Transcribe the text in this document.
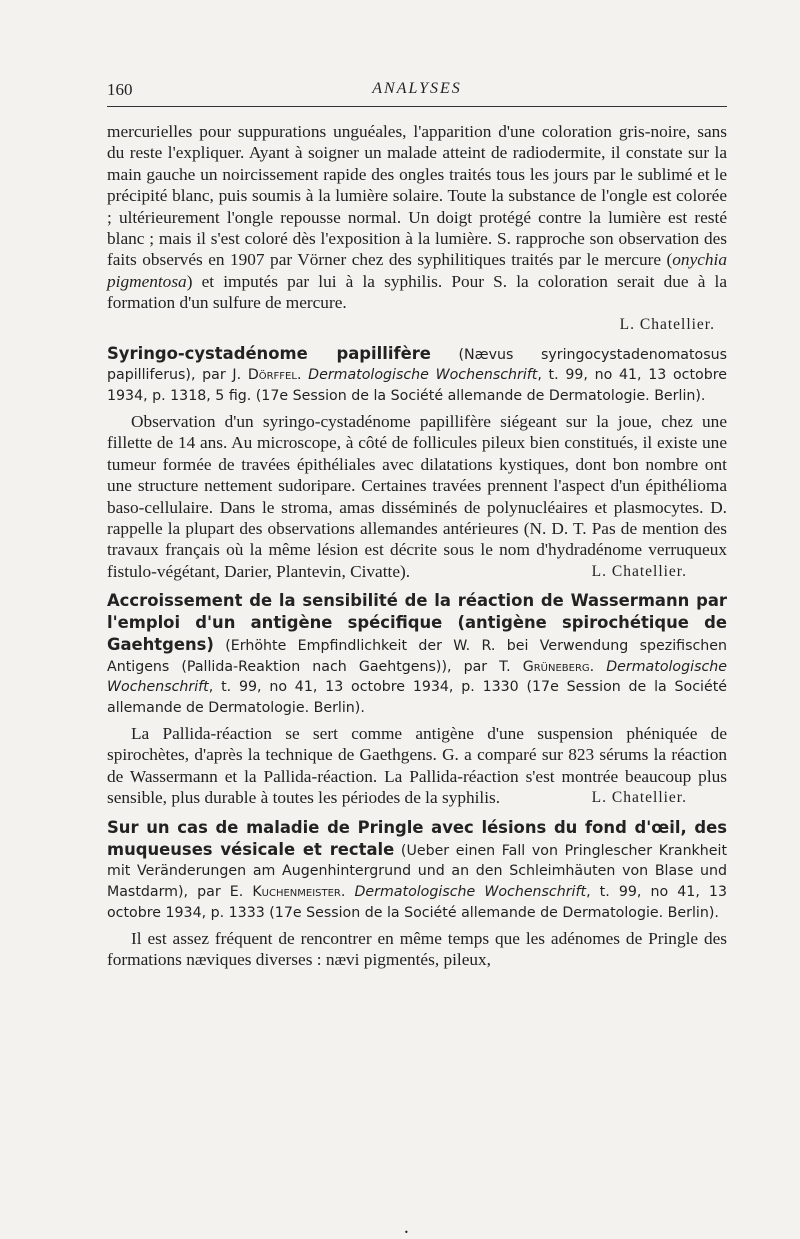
160	ANALYSES

mercurielles pour suppurations unguéales, l'apparition d'une coloration gris-noire, sans du reste l'expliquer. Ayant à soigner un malade atteint de radiodermite, il constate sur la main gauche un noircissement rapide des ongles traités tous les jours par le sublimé et le précipité blanc, puis soumis à la lumière solaire. Toute la substance de l'ongle est colorée ; ultérieurement l'ongle repousse normal. Un doigt protégé contre la lumière est resté blanc ; mais il s'est coloré dès l'exposition à la lumière. S. rapproche son observation des faits observés en 1907 par Vörner chez des syphilitiques traités par le mercure (onychia pigmentosa) et imputés par lui à la syphilis. Pour S. la coloration serait due à la formation d'un sulfure de mercure.

L. Chatellier.

Syringo-cystadénome papillifère (Nævus syringocystadenomatosus papilliferus), par J. Dörffel. Dermatologische Wochenschrift, t. 99, no 41, 13 octobre 1934, p. 1318, 5 fig. (17e Session de la Société allemande de Dermatologie. Berlin).

Observation d'un syringo-cystadénome papillifère siégeant sur la joue, chez une fillette de 14 ans. Au microscope, à côté de follicules pileux bien constitués, il existe une tumeur formée de travées épithéliales avec dilatations kystiques, dont bon nombre ont une structure nettement sudoripare. Certaines travées prennent l'aspect d'un épithélioma baso-cellulaire. Dans le stroma, amas disséminés de polynucléaires et plasmocytes. D. rappelle la plupart des observations allemandes antérieures (N. D. T. Pas de mention des travaux français où la même lésion est décrite sous le nom d'hydradénome verruqueux fistulo-végétant, Darier, Plantevin, Civatte).	L. Chatellier.

Accroissement de la sensibilité de la réaction de Wassermann par l'emploi d'un antigène spécifique (antigène spirochétique de Gaehtgens) (Erhöhte Empfindlichkeit der W. R. bei Verwendung spezifischen Antigens (Pallida-Reaktion nach Gaehtgens)), par T. Grüneberg. Dermatologische Wochenschrift, t. 99, no 41, 13 octobre 1934, p. 1330 (17e Session de la Société allemande de Dermatologie. Berlin).

La Pallida-réaction se sert comme antigène d'une suspension phéniquée de spirochètes, d'après la technique de Gaethgens. G. a comparé sur 823 sérums la réaction de Wassermann et la Pallida-réaction. La Pallida-réaction s'est montrée beaucoup plus sensible, plus durable à toutes les périodes de la syphilis.	L. Chatellier.

Sur un cas de maladie de Pringle avec lésions du fond d'œil, des muqueuses vésicale et rectale (Ueber einen Fall von Pringlescher Krankheit mit Veränderungen am Augenhintergrund und an den Schleimhäuten von Blase und Mastdarm), par E. Kuchenmeister. Dermatologische Wochenschrift, t. 99, no 41, 13 octobre 1934, p. 1333 (17e Session de la Société allemande de Dermatologie. Berlin).

Il est assez fréquent de rencontrer en même temps que les adénomes de Pringle des formations næviques diverses : nævi pigmentés, pileux,

•
